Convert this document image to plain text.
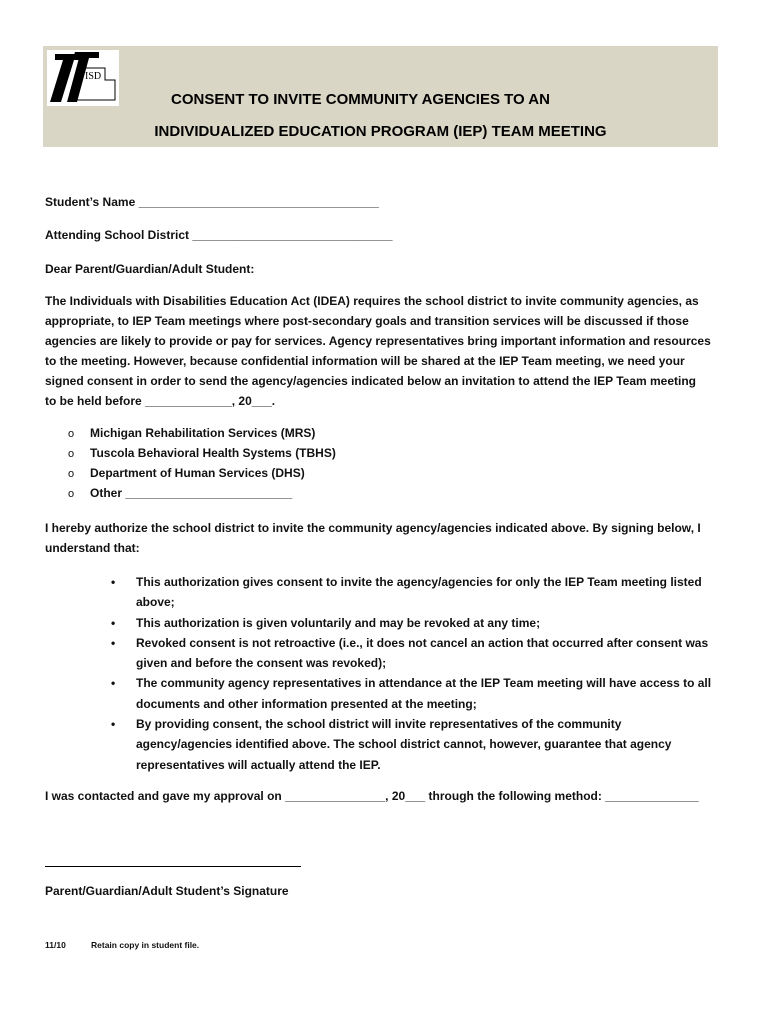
ISD
CONSENT TO INVITE COMMUNITY AGENCIES TO AN
INDIVIDUALIZED EDUCATION PROGRAM (IEP) TEAM MEETING
Student’s Name ____________________________________
Attending School District ______________________________
Dear Parent/Guardian/Adult Student:
The Individuals with Disabilities Education Act (IDEA) requires the school district to invite community agencies, as
appropriate, to IEP Team meetings where post-secondary goals and transition services will be discussed if those
agencies are likely to provide or pay for services. Agency representatives bring important information and resources
to the meeting. However, because confidential information will be shared at the IEP Team meeting, we need your
signed consent in order to send the agency/agencies indicated below an invitation to attend the IEP Team meeting
to be held before _____________, 20___.
o Michigan Rehabilitation Services (MRS)
o Tuscola Behavioral Health Systems (TBHS)
o Department of Human Services (DHS)
o Other _________________________
I hereby authorize the school district to invite the community agency/agencies indicated above. By signing below, I
understand that:
• This authorization gives consent to invite the agency/agencies for only the IEP Team meeting listed
above;
• This authorization is given voluntarily and may be revoked at any time;
• Revoked consent is not retroactive (i.e., it does not cancel an action that occurred after consent was
given and before the consent was revoked);
• The community agency representatives in attendance at the IEP Team meeting will have access to all
documents and other information presented at the meeting;
• By providing consent, the school district will invite representatives of the community
agency/agencies identified above. The school district cannot, however, guarantee that agency
representatives will actually attend the IEP.
I was contacted and gave my approval on _______________, 20___ through the following method: ______________
Parent/Guardian/Adult Student’s Signature
11/10	Retain copy in student file.
